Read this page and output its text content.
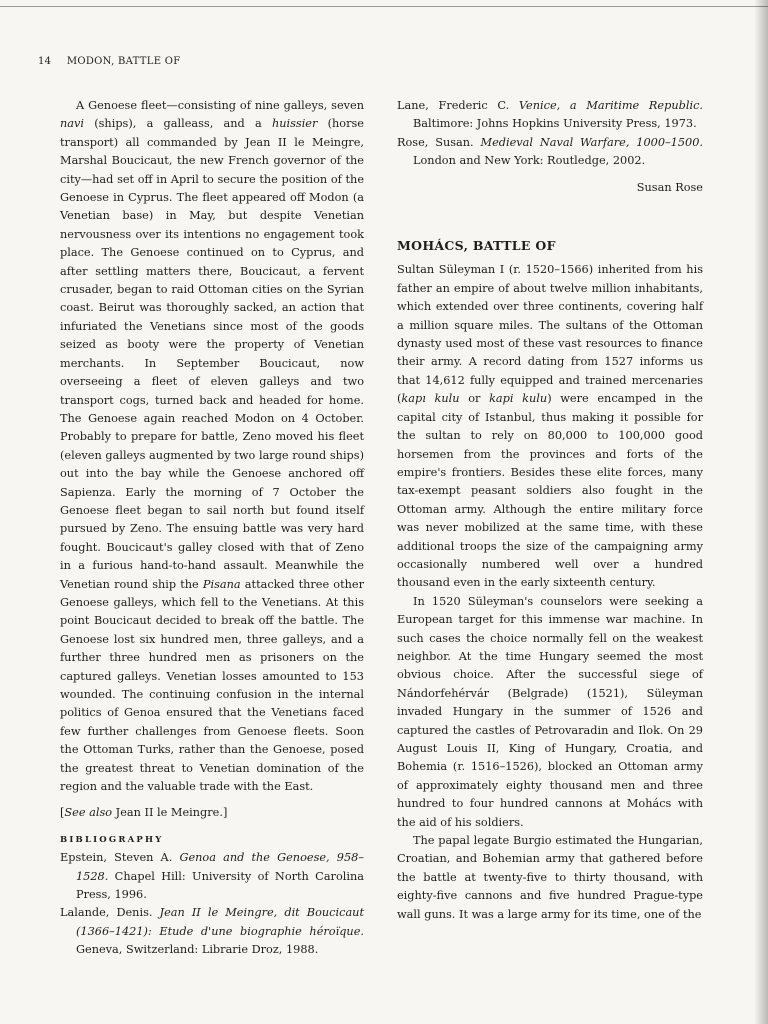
14 MODON, BATTLE OF

A Genoese fleet—consisting of nine galleys, seven navi (ships), a galleass, and a huissier (horse transport) all commanded by Jean II le Meingre, Marshal Boucicaut, the new French governor of the city—had set off in April to secure the position of the Genoese in Cyprus. The fleet appeared off Modon (a Venetian base) in May, but despite Venetian nervousness over its intentions no engagement took place. The Genoese continued on to Cyprus, and after settling matters there, Boucicaut, a fervent crusader, began to raid Ottoman cities on the Syrian coast. Beirut was thoroughly sacked, an action that infuriated the Venetians since most of the goods seized as booty were the property of Venetian merchants. In September Boucicaut, now overseeing a fleet of eleven galleys and two transport cogs, turned back and headed for home. The Genoese again reached Modon on 4 October. Probably to prepare for battle, Zeno moved his fleet (eleven galleys augmented by two large round ships) out into the bay while the Genoese anchored off Sapienza. Early the morning of 7 October the Genoese fleet began to sail north but found itself pursued by Zeno. The ensuing battle was very hard fought. Boucicaut's galley closed with that of Zeno in a furious hand-to-hand assault. Meanwhile the Venetian round ship the Pisana attacked three other Genoese galleys, which fell to the Venetians. At this point Boucicaut decided to break off the battle. The Genoese lost six hundred men, three galleys, and a further three hundred men as prisoners on the captured galleys. Venetian losses amounted to 153 wounded. The continuing confusion in the internal politics of Genoa ensured that the Venetians faced few further challenges from Genoese fleets. Soon the Ottoman Turks, rather than the Genoese, posed the greatest threat to Venetian domination of the region and the valuable trade with the East.

[See also Jean II le Meingre.]

BIBLIOGRAPHY

Epstein, Steven A. Genoa and the Genoese, 958–1528. Chapel Hill: University of North Carolina Press, 1996.

Lalande, Denis. Jean II le Meingre, dit Boucicaut (1366–1421): Etude d'une biographie héroïque. Geneva, Switzerland: Librarie Droz, 1988.

Lane, Frederic C. Venice, a Maritime Republic. Baltimore: Johns Hopkins University Press, 1973.

Rose, Susan. Medieval Naval Warfare, 1000–1500. London and New York: Routledge, 2002.

Susan Rose

MOHÁCS, BATTLE OF

Sultan Süleyman I (r. 1520–1566) inherited from his father an empire of about twelve million inhabitants, which extended over three continents, covering half a million square miles. The sultans of the Ottoman dynasty used most of these vast resources to finance their army. A record dating from 1527 informs us that 14,612 fully equipped and trained mercenaries (kapı kulu or kapi kulu) were encamped in the capital city of Istanbul, thus making it possible for the sultan to rely on 80,000 to 100,000 good horsemen from the provinces and forts of the empire's frontiers. Besides these elite forces, many tax-exempt peasant soldiers also fought in the Ottoman army. Although the entire military force was never mobilized at the same time, with these additional troops the size of the campaigning army occasionally numbered well over a hundred thousand even in the early sixteenth century.

In 1520 Süleyman's counselors were seeking a European target for this immense war machine. In such cases the choice normally fell on the weakest neighbor. At the time Hungary seemed the most obvious choice. After the successful siege of Nándorfehérvár (Belgrade) (1521), Süleyman invaded Hungary in the summer of 1526 and captured the castles of Petrovaradin and Ilok. On 29 August Louis II, King of Hungary, Croatia, and Bohemia (r. 1516–1526), blocked an Ottoman army of approximately eighty thousand men and three hundred to four hundred cannons at Mohács with the aid of his soldiers.

The papal legate Burgio estimated the Hungarian, Croatian, and Bohemian army that gathered before the battle at twenty-five to thirty thousand, with eighty-five cannons and five hundred Prague-type wall guns. It was a large army for its time, one of the
